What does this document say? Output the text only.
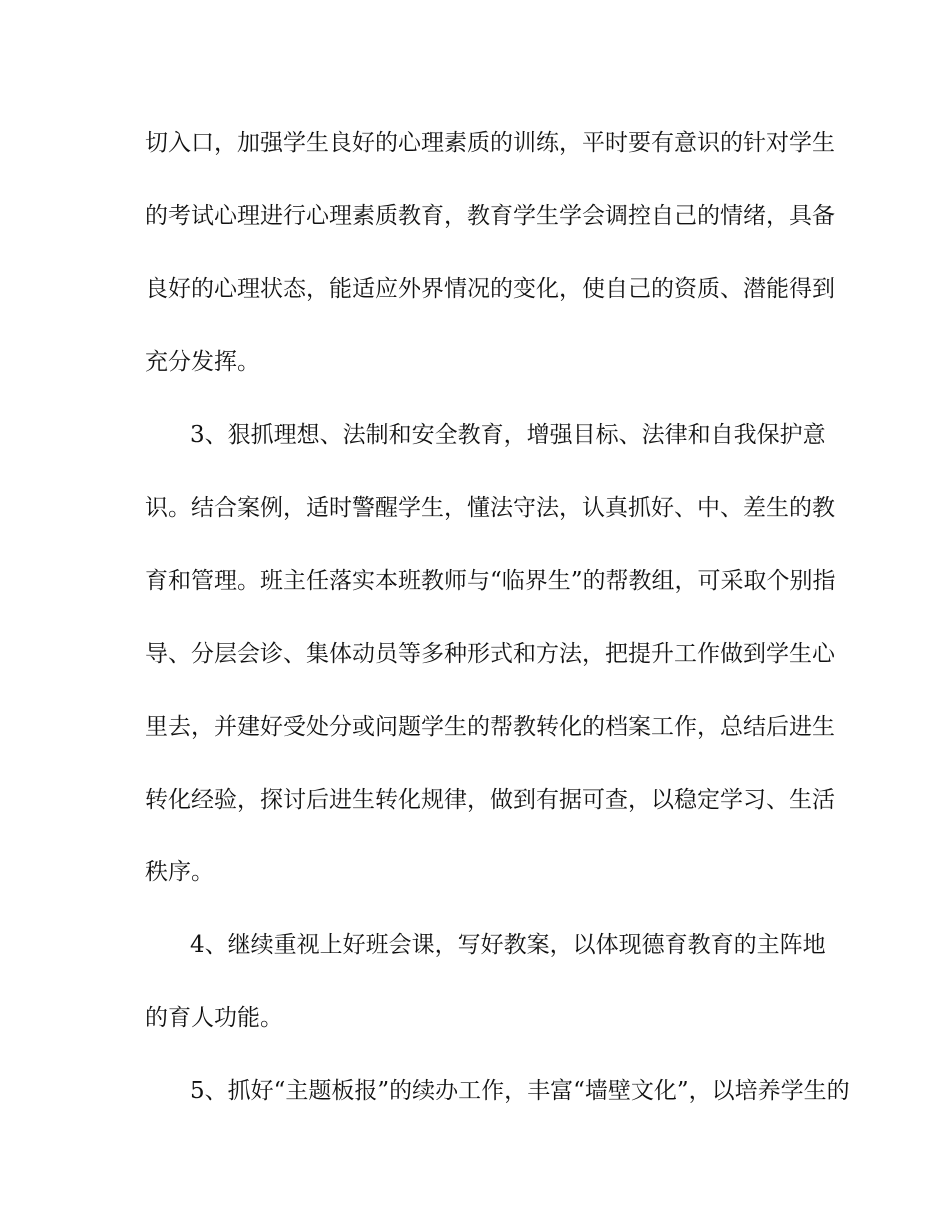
切入口，加强学生良好的心理素质的训练，平时要有意识的针对学生

的考试心理进行心理素质教育，教育学生学会调控自己的情绪，具备

良好的心理状态，能适应外界情况的变化，使自己的资质、潜能得到

充分发挥。

3、狠抓理想、法制和安全教育，增强目标、法律和自我保护意

识。结合案例，适时警醒学生，懂法守法，认真抓好、中、差生的教

育和管理。班主任落实本班教师与“临界生”的帮教组，可采取个别指

导、分层会诊、集体动员等多种形式和方法，把提升工作做到学生心

里去，并建好受处分或问题学生的帮教转化的档案工作，总结后进生

转化经验，探讨后进生转化规律，做到有据可查，以稳定学习、生活

秩序。

4、继续重视上好班会课，写好教案，以体现德育教育的主阵地

的育人功能。

5、抓好“主题板报”的续办工作，丰富“墙壁文化”，以培养学生的
